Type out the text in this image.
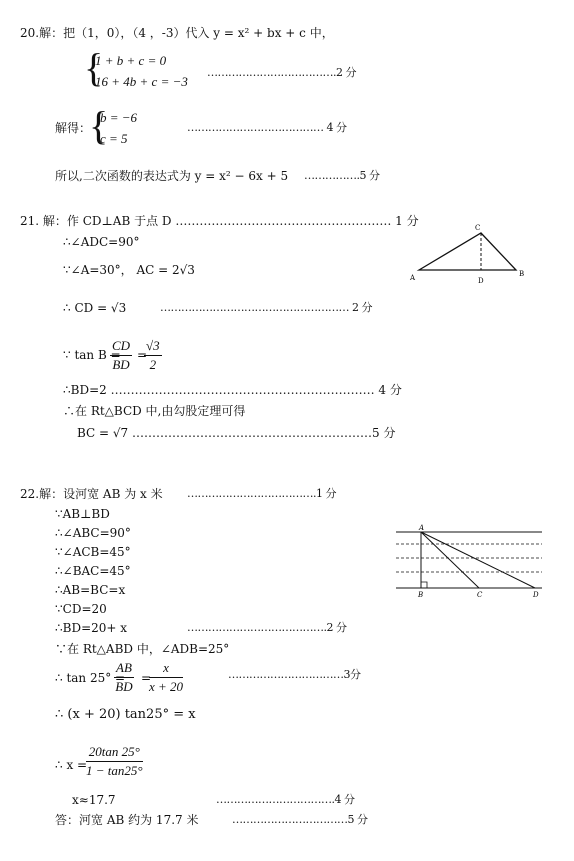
20.解：把（1，0），（4 ，-3）代入 y = x² + bx + c 中，
{
1 + b + c = 0
16 + 4b + c = −3
……………………………….2 分
解得：
{
b = −6
c = 5
………………………………… 4 分
所以,二次函数的表达式为 y = x² − 6x + 5 …………….5 分
21. 解：作 CD⊥AB 于点 D ……………………………………………… 1 分
∴∠ADC=90°
∵∠A=30°， AC = 2√3
∴ CD = √3	……………………………………………… 2 分
∵ tan B =
$\frac{CD}{BD}$ =
$\frac{√3}{2}$
∴BD=2 ………………………………………………………… 4 分
∴在 Rt△BCD 中,由勾股定理可得
BC = √7 ……………………………………………………5 分
C
A	D
B
22.解：设河宽 AB 为 x 米 ……………………………….1 分
∵AB⊥BD
∴∠ABC=90°
∵∠ACB=45°
∴∠BAC=45°
∴AB=BC=x
∵CD=20
∴BD=20+ x	………………………………….2 分
∵在 Rt△ABD 中，∠ADB=25°
∴ tan 25° =
$\frac{AB}{BD}$ =
$\frac{x}{x + 20}$	……………………………3分
∴ (x + 20) tan25° = x
∴ x =
$\frac{20\tan 25^\circ}{1 - \tan 25^\circ}$
x≈17.7	…………………………….4 分
答：河宽 AB 约为 17.7 米	……………………………5 分
A
B	C	D
